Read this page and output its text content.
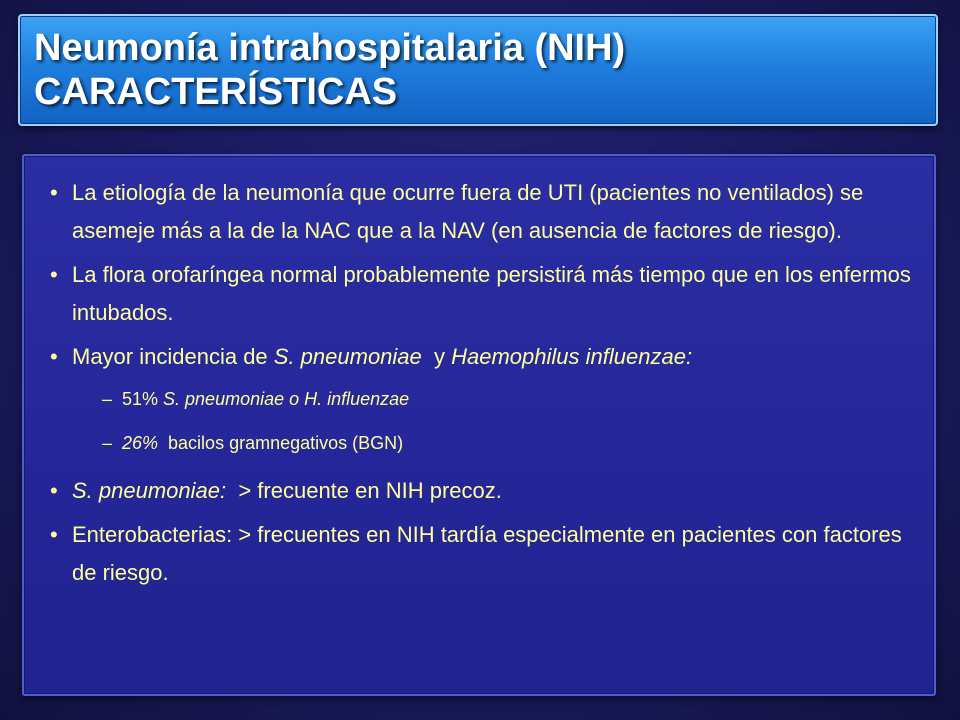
Neumonía intrahospitalaria (NIH)
CARACTERÍSTICAS
• La etiología de la neumonía que ocurre fuera de UTI (pacientes no ventilados) se asemeje más a la de la NAC que a la NAV (en ausencia de factores de riesgo).
• La flora orofaríngea normal probablemente persistirá más tiempo que en los enfermos intubados.
• Mayor incidencia de S. pneumoniae  y Haemophilus influenzae:
– 51% S. pneumoniae o H. influenzae
– 26%  bacilos gramnegativos (BGN)
• S. pneumoniae:  > frecuente en NIH precoz.
• Enterobacterias: > frecuentes en NIH tardía especialmente en pacientes con factores de riesgo.
